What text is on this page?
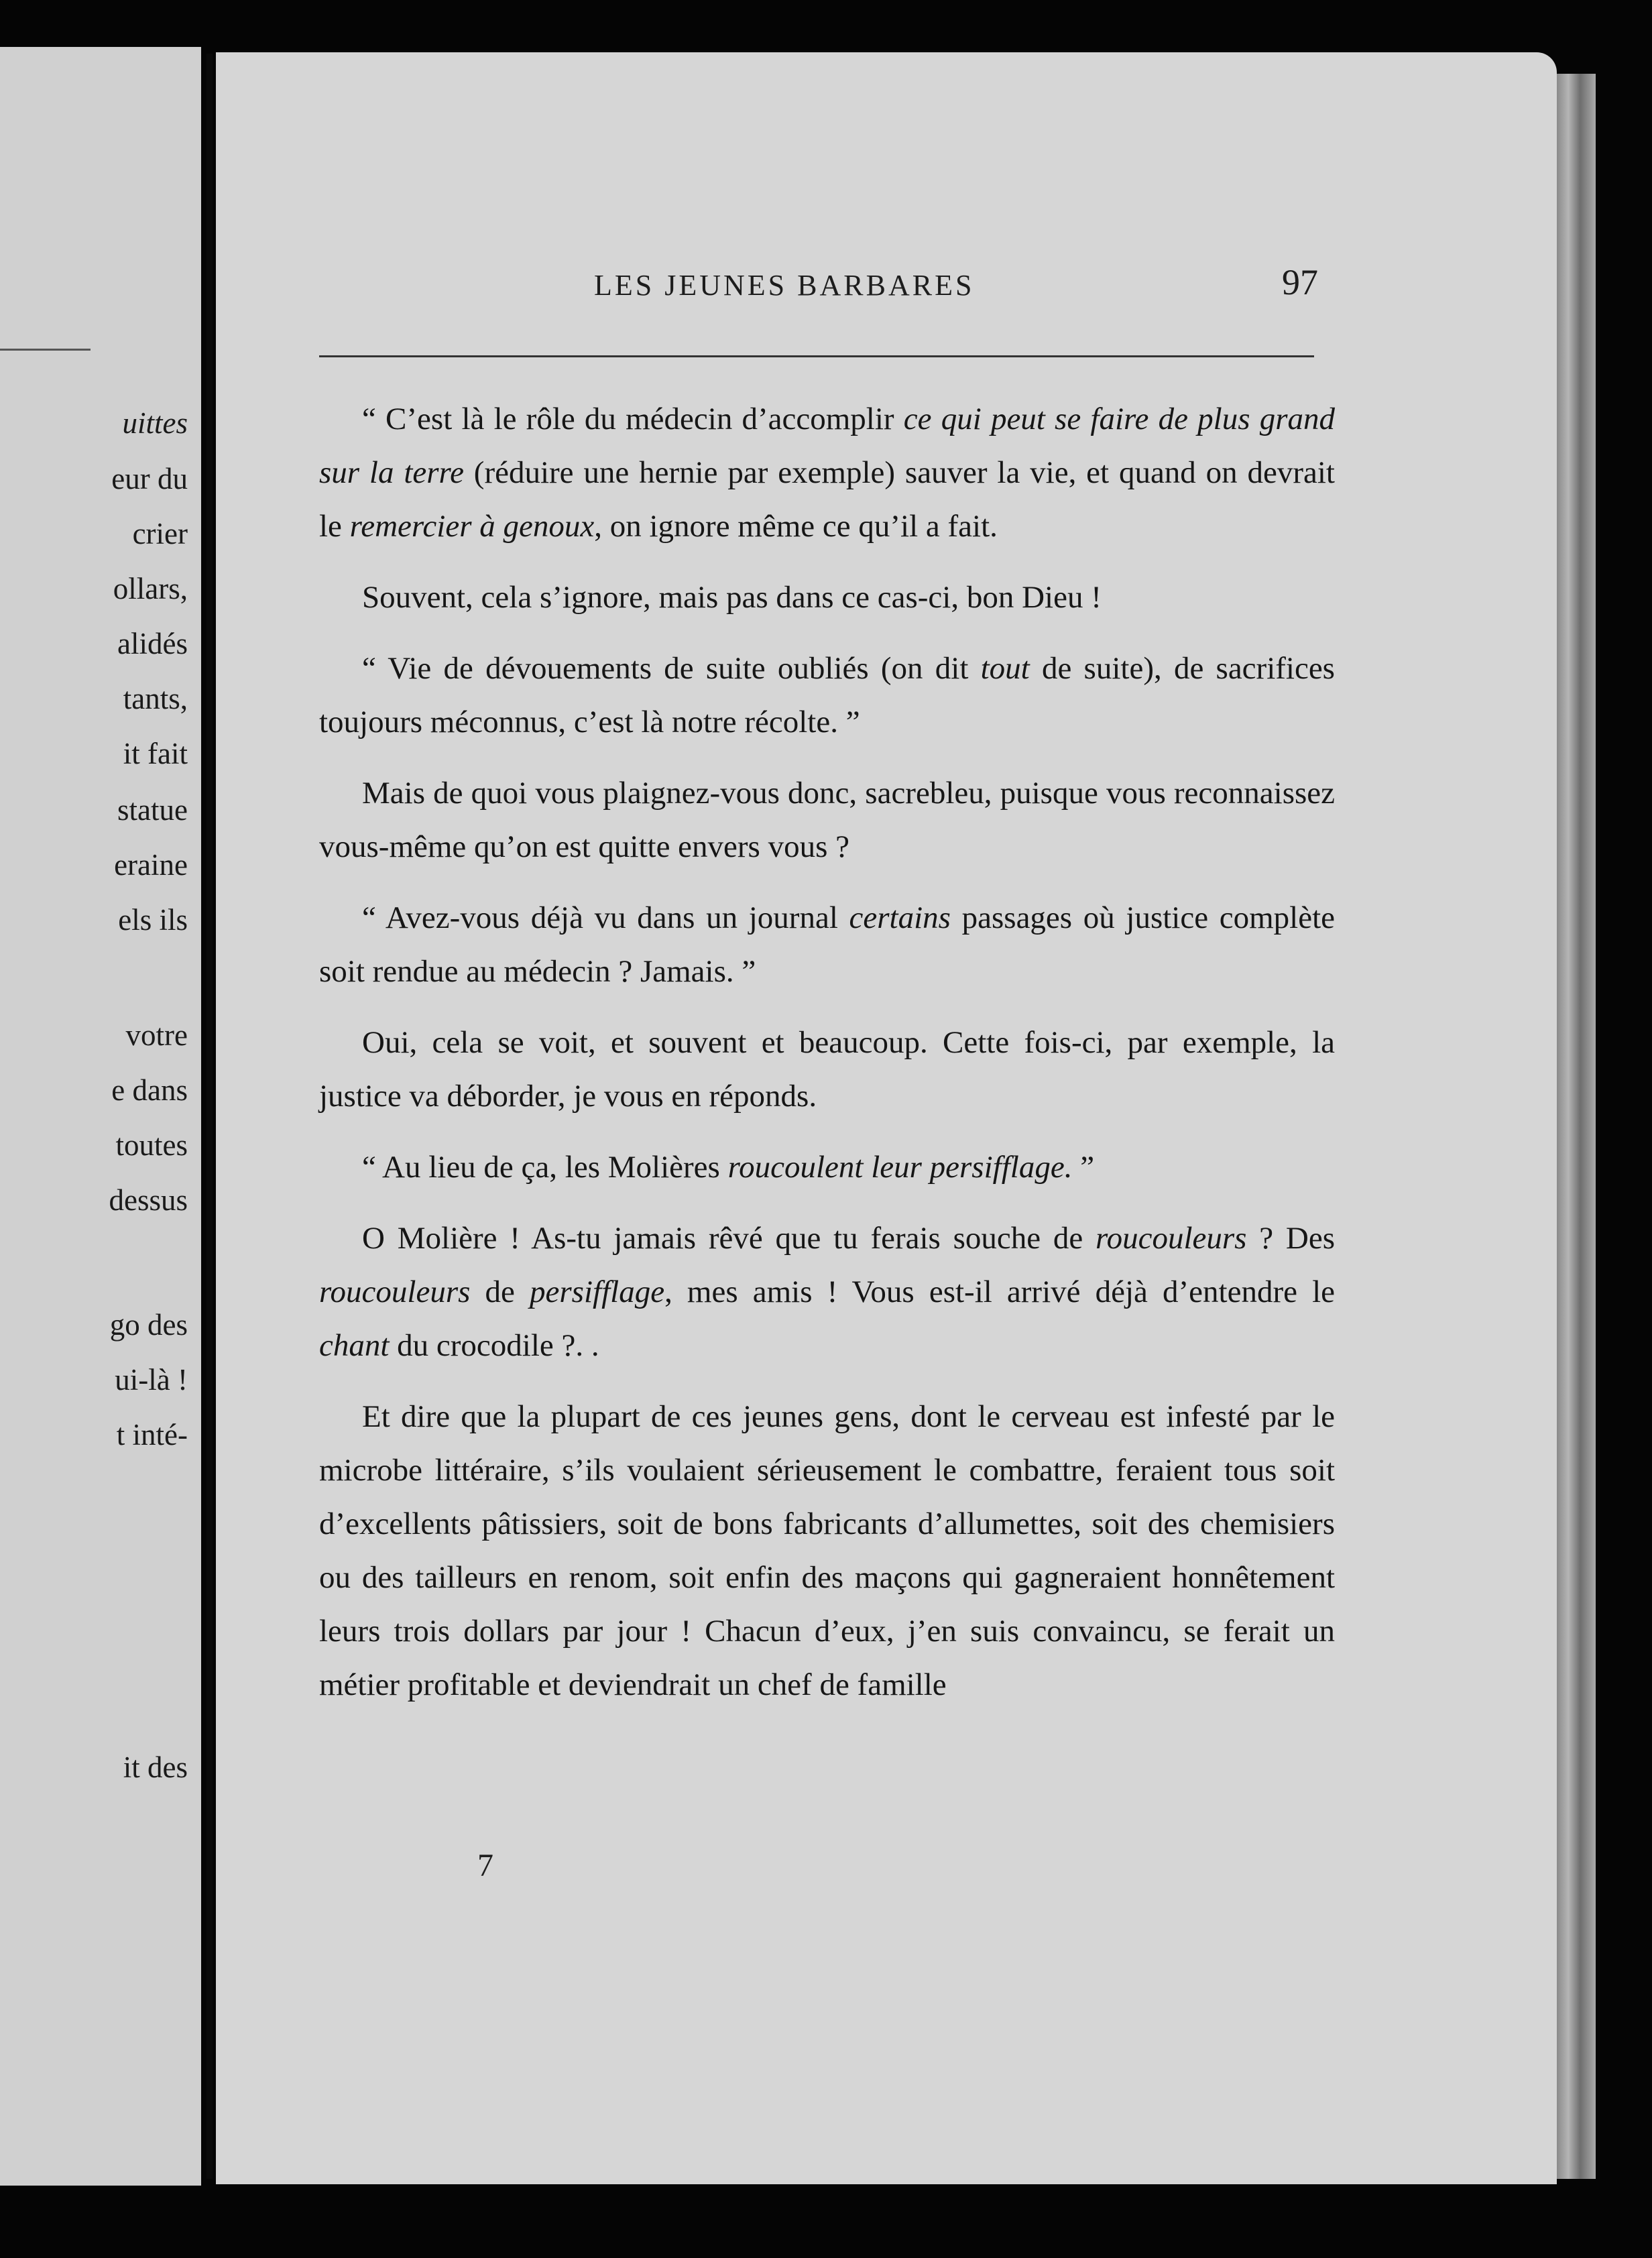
uittes
eur du
crier
ollars,
alidés
tants,
it fait
statue
eraine
els ils
votre
e dans
toutes
dessus
go des
ui-là !
t inté-
it des
LES JEUNES BARBARES	97

“ C’est là le rôle du médecin d’accomplir ce qui peut se faire de plus grand sur la terre (réduire une hernie par exemple) sauver la vie, et quand on devrait le remercier à genoux, on ignore même ce qu’il a fait.

Souvent, cela s’ignore, mais pas dans ce cas-ci, bon Dieu !

“ Vie de dévouements de suite oubliés (on dit tout de suite), de sacrifices toujours méconnus, c’est là notre récolte. ”

Mais de quoi vous plaignez-vous donc, sacrebleu, puisque vous reconnaissez vous-même qu’on est quitte envers vous ?

“ Avez-vous déjà vu dans un journal certains passages où justice complète soit rendue au médecin ? Jamais. ”

Oui, cela se voit, et souvent et beaucoup. Cette fois-ci, par exemple, la justice va déborder, je vous en réponds.

“ Au lieu de ça, les Molières roucoulent leur persifflage. ”

O Molière ! As-tu jamais rêvé que tu ferais souche de roucouleurs ? Des roucouleurs de persifflage, mes amis ! Vous est-il arrivé déjà d’entendre le chant du crocodile ?. .

Et dire que la plupart de ces jeunes gens, dont le cerveau est infesté par le microbe littéraire, s’ils voulaient sérieusement le combattre, feraient tous soit d’excellents pâtissiers, soit de bons fabricants d’allumettes, soit des chemisiers ou des tailleurs en renom, soit enfin des maçons qui gagneraient honnêtement leurs trois dollars par jour ! Chacun d’eux, j’en suis convaincu, se ferait un métier profitable et deviendrait un chef de famille

7
